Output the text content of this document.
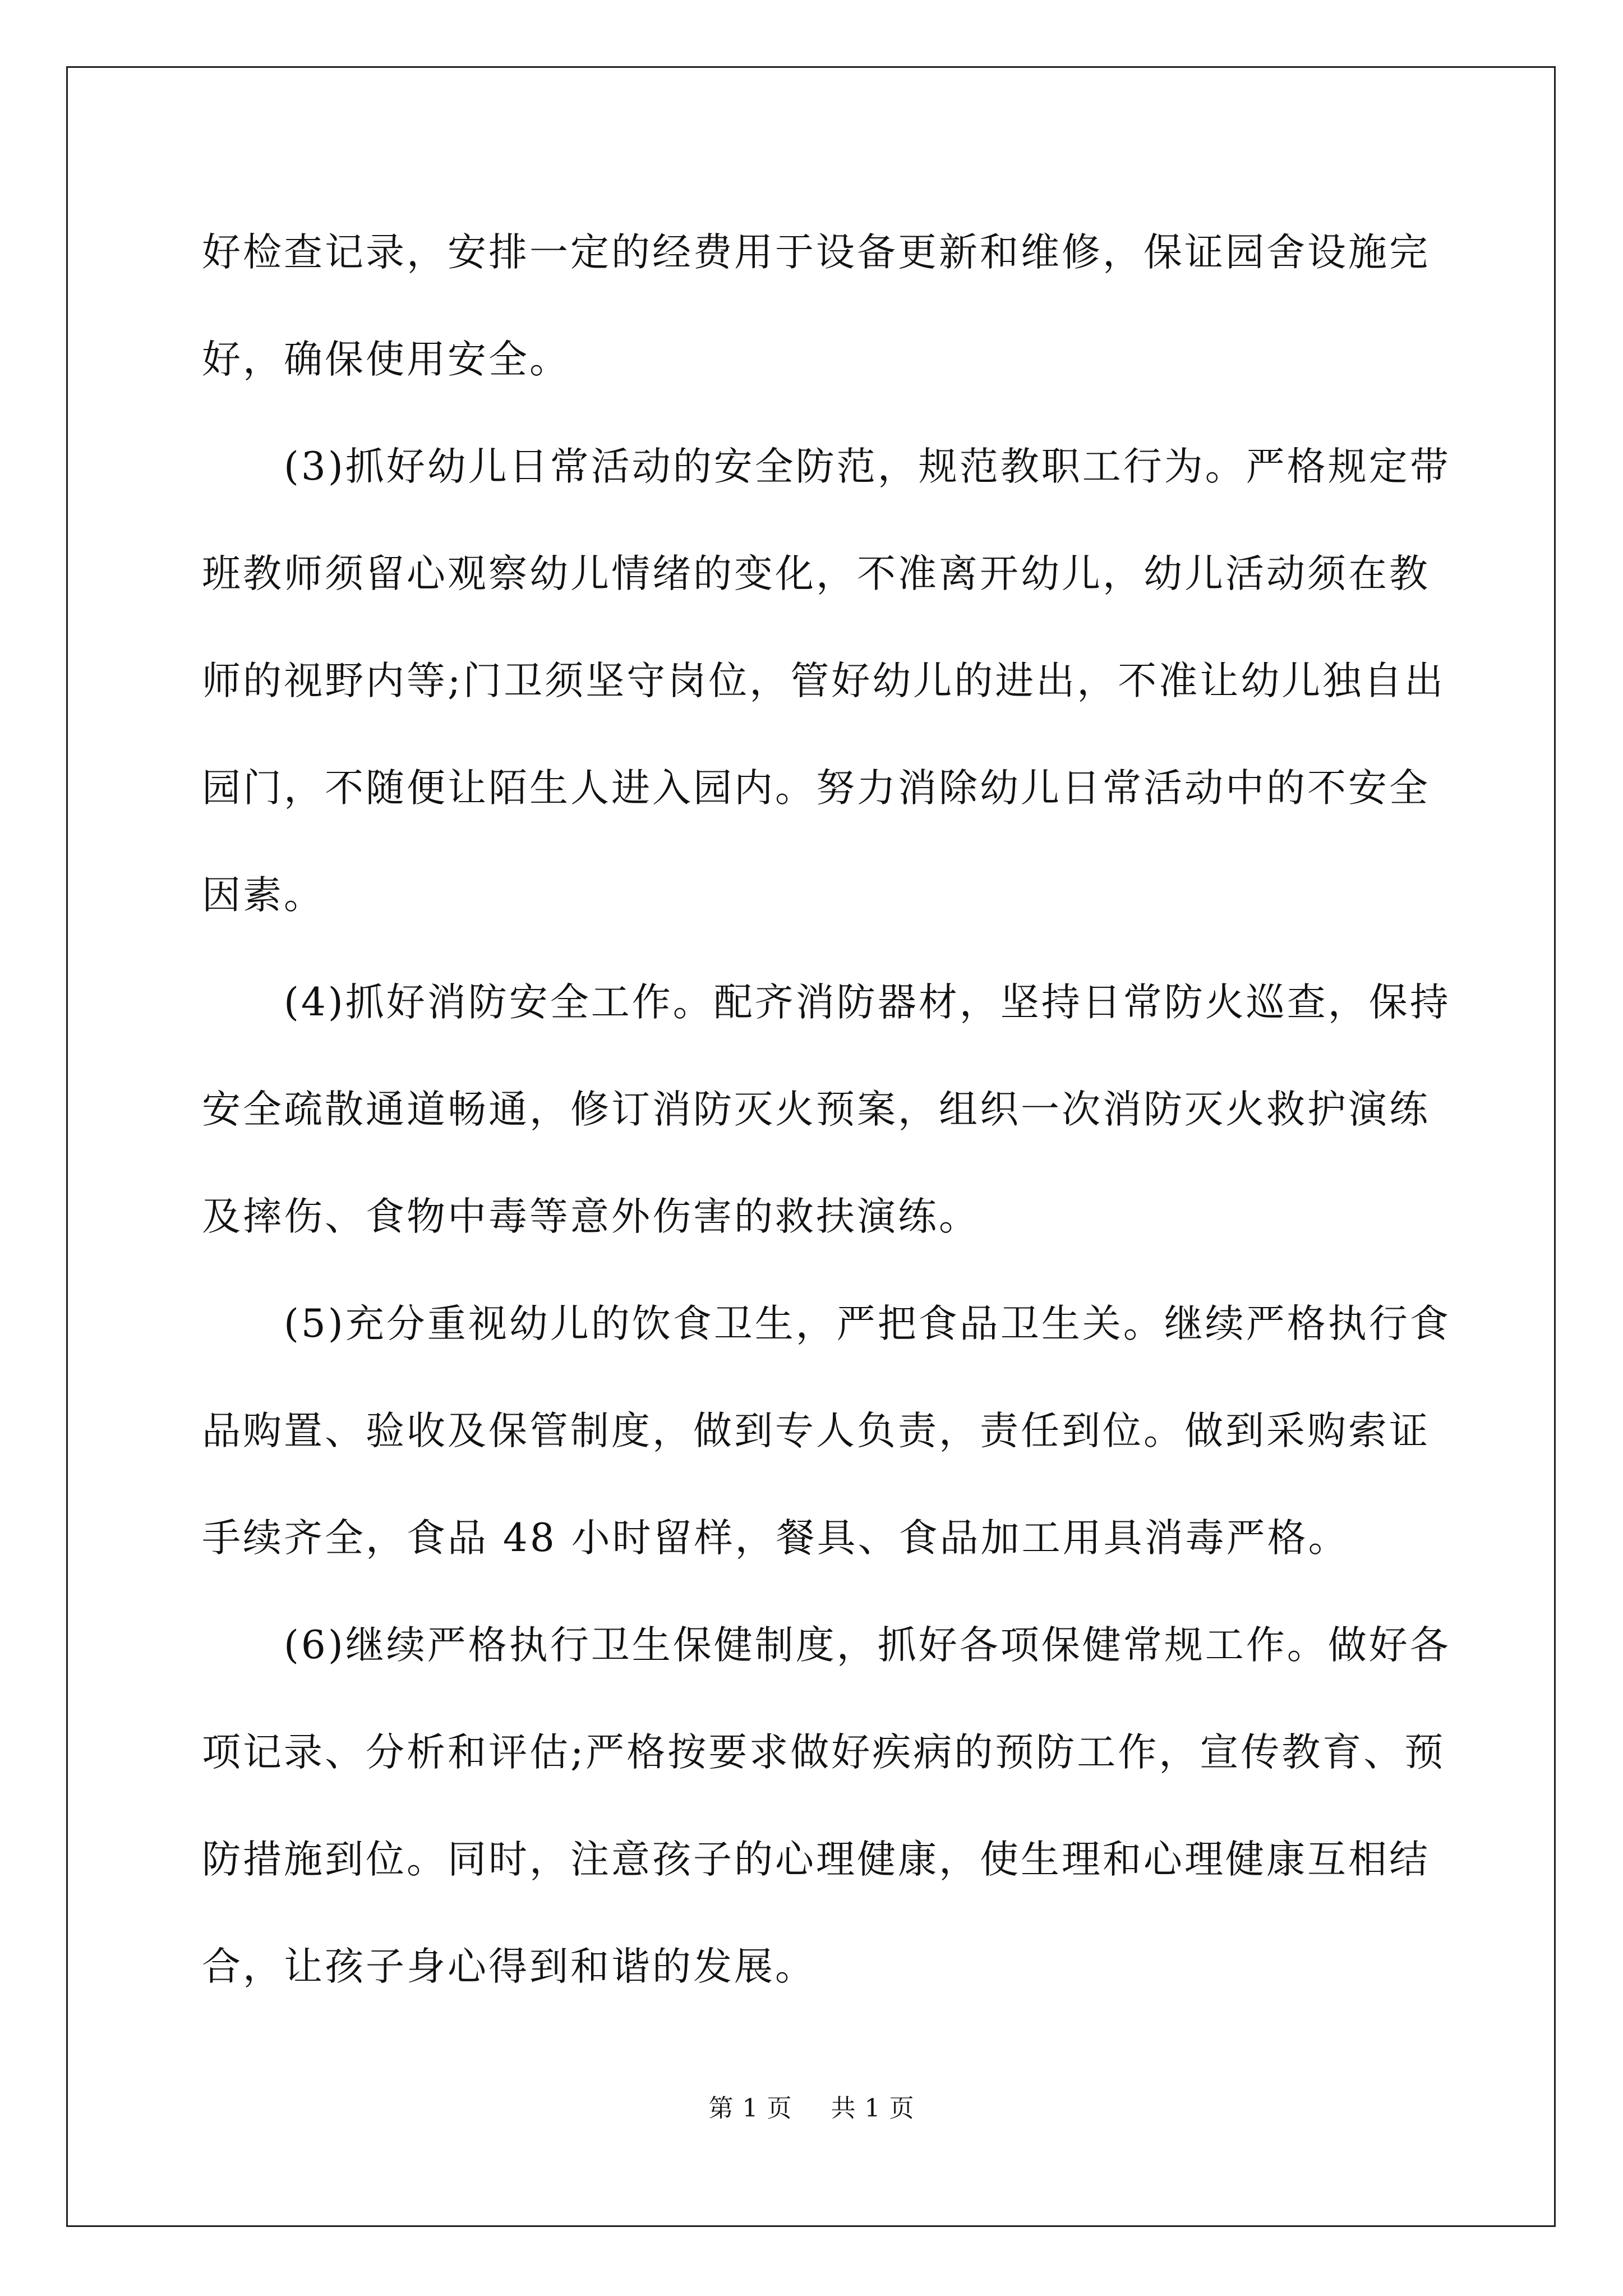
好检查记录，安排一定的经费用于设备更新和维修，保证园舍设施完
好，确保使用安全。
(3)抓好幼儿日常活动的安全防范，规范教职工行为。严格规定带
班教师须留心观察幼儿情绪的变化，不准离开幼儿，幼儿活动须在教
师的视野内等;门卫须坚守岗位，管好幼儿的进出，不准让幼儿独自出
园门，不随便让陌生人进入园内。努力消除幼儿日常活动中的不安全
因素。
(4)抓好消防安全工作。配齐消防器材，坚持日常防火巡查，保持
安全疏散通道畅通，修订消防灭火预案，组织一次消防灭火救护演练
及摔伤、食物中毒等意外伤害的救扶演练。
(5)充分重视幼儿的饮食卫生，严把食品卫生关。继续严格执行食
品购置、验收及保管制度，做到专人负责，责任到位。做到采购索证
手续齐全，食品 48 小时留样，餐具、食品加工用具消毒严格。
(6)继续严格执行卫生保健制度，抓好各项保健常规工作。做好各
项记录、分析和评估;严格按要求做好疾病的预防工作，宣传教育、预
防措施到位。同时，注意孩子的心理健康，使生理和心理健康互相结
合，让孩子身心得到和谐的发展。
第 1 页 共 1 页
